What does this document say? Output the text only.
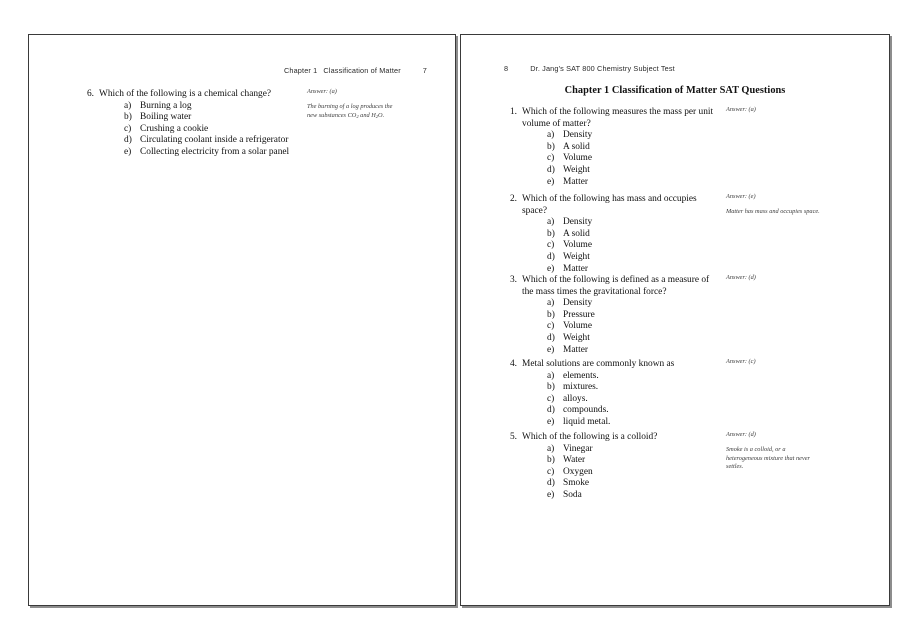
Chapter 1 Classification of Matter	7
6. Which of the following is a chemical change?
a) Burning a log
b) Boiling water
c) Crushing a cookie
d) Circulating coolant inside a refrigerator
e) Collecting electricity from a solar panel

Answer: (a)

The burning of a log produces the new substances $CO_2$ and $H_2O$.

8	Dr. Jang's SAT 800 Chemistry Subject Test
Chapter 1 Classification of Matter SAT Questions
1. Which of the following measures the mass per unit volume of matter?
a) Density
b) A solid
c) Volume
d) Weight
e) Matter

Answer: (a)

2. Which of the following has mass and occupies space?
a) Density
b) A solid
c) Volume
d) Weight
e) Matter

Answer: (e)

Matter has mass and occupies space.

3. Which of the following is defined as a measure of the mass times the gravitational force?
a) Density
b) Pressure
c) Volume
d) Weight
e) Matter

Answer: (d)

4. Metal solutions are commonly known as
a) elements.
b) mixtures.
c) alloys.
d) compounds.
e) liquid metal.

Answer: (c)

5. Which of the following is a colloid?
a) Vinegar
b) Water
c) Oxygen
d) Smoke
e) Soda

Answer: (d)

Smoke is a colloid, or a heterogeneous mixture that never settles.
